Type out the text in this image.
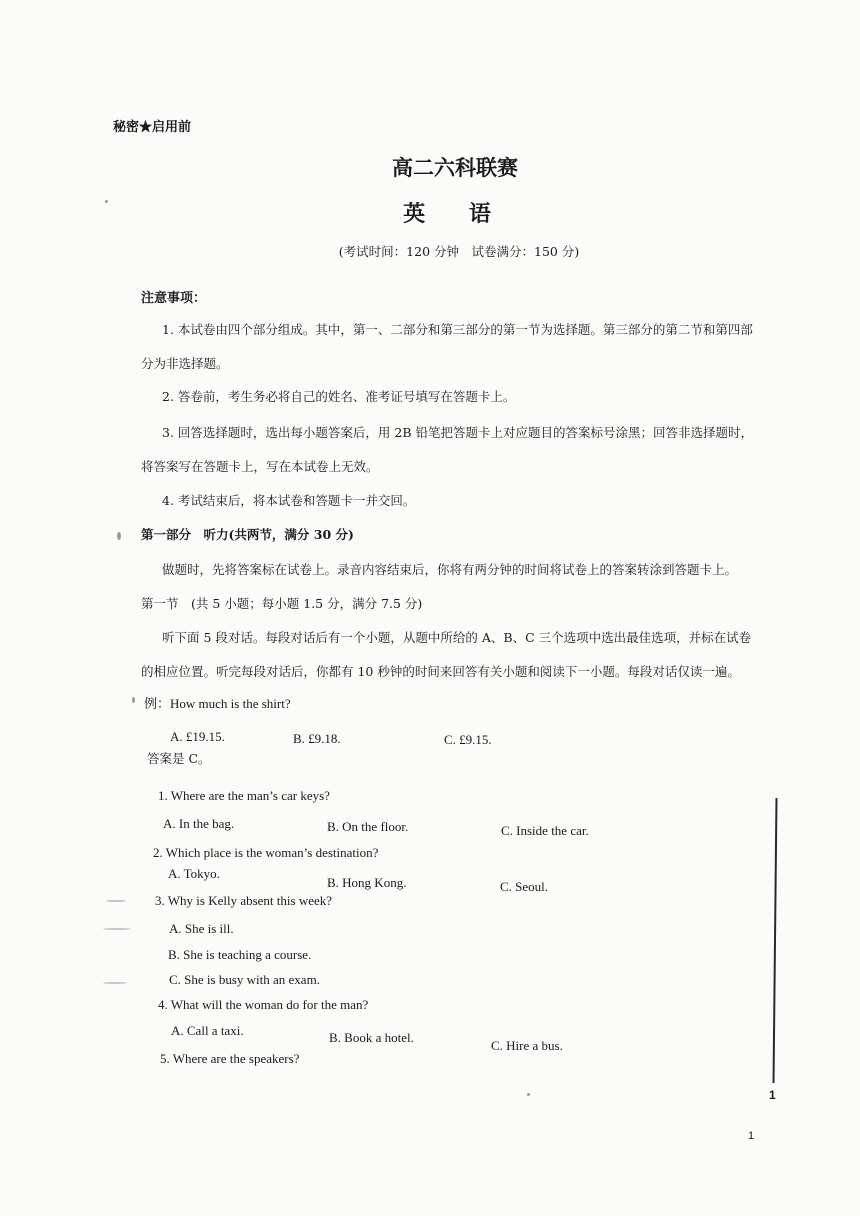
秘密★启用前
高二六科联赛
英 语
(考试时间：120 分钟　试卷满分：150 分)
注意事项：
1. 本试卷由四个部分组成。其中，第一、二部分和第三部分的第一节为选择题。第三部分的第二节和第四部
分为非选择题。
2. 答卷前，考生务必将自己的姓名、准考证号填写在答题卡上。
3. 回答选择题时，选出每小题答案后，用 2B 铅笔把答题卡上对应题目的答案标号涂黑；回答非选择题时，
将答案写在答题卡上，写在本试卷上无效。
4. 考试结束后，将本试卷和答题卡一并交回。
第一部分　听力(共两节，满分 30 分)
做题时，先将答案标在试卷上。录音内容结束后，你将有两分钟的时间将试卷上的答案转涂到答题卡上。
第一节　(共 5 小题；每小题 1.5 分，满分 7.5 分)
听下面 5 段对话。每段对话后有一个小题，从题中所给的 A、B、C 三个选项中选出最佳选项，并标在试卷
的相应位置。听完每段对话后，你都有 10 秒钟的时间来回答有关小题和阅读下一小题。每段对话仅读一遍。
例：How much is the shirt?
A. £19.15.	B. £9.18.	C. £9.15.
答案是 C。
1. Where are the man’s car keys?
A. In the bag.	B. On the floor.	C. Inside the car.
2. Which place is the woman’s destination?
A. Tokyo.
B. Hong Kong.	C. Seoul.
3. Why is Kelly absent this week?
A. She is ill.
B. She is teaching a course.
C. She is busy with an exam.
4. What will the woman do for the man?
A. Call a taxi.	B. Book a hotel.
C. Hire a bus.
5. Where are the speakers?
1
1
